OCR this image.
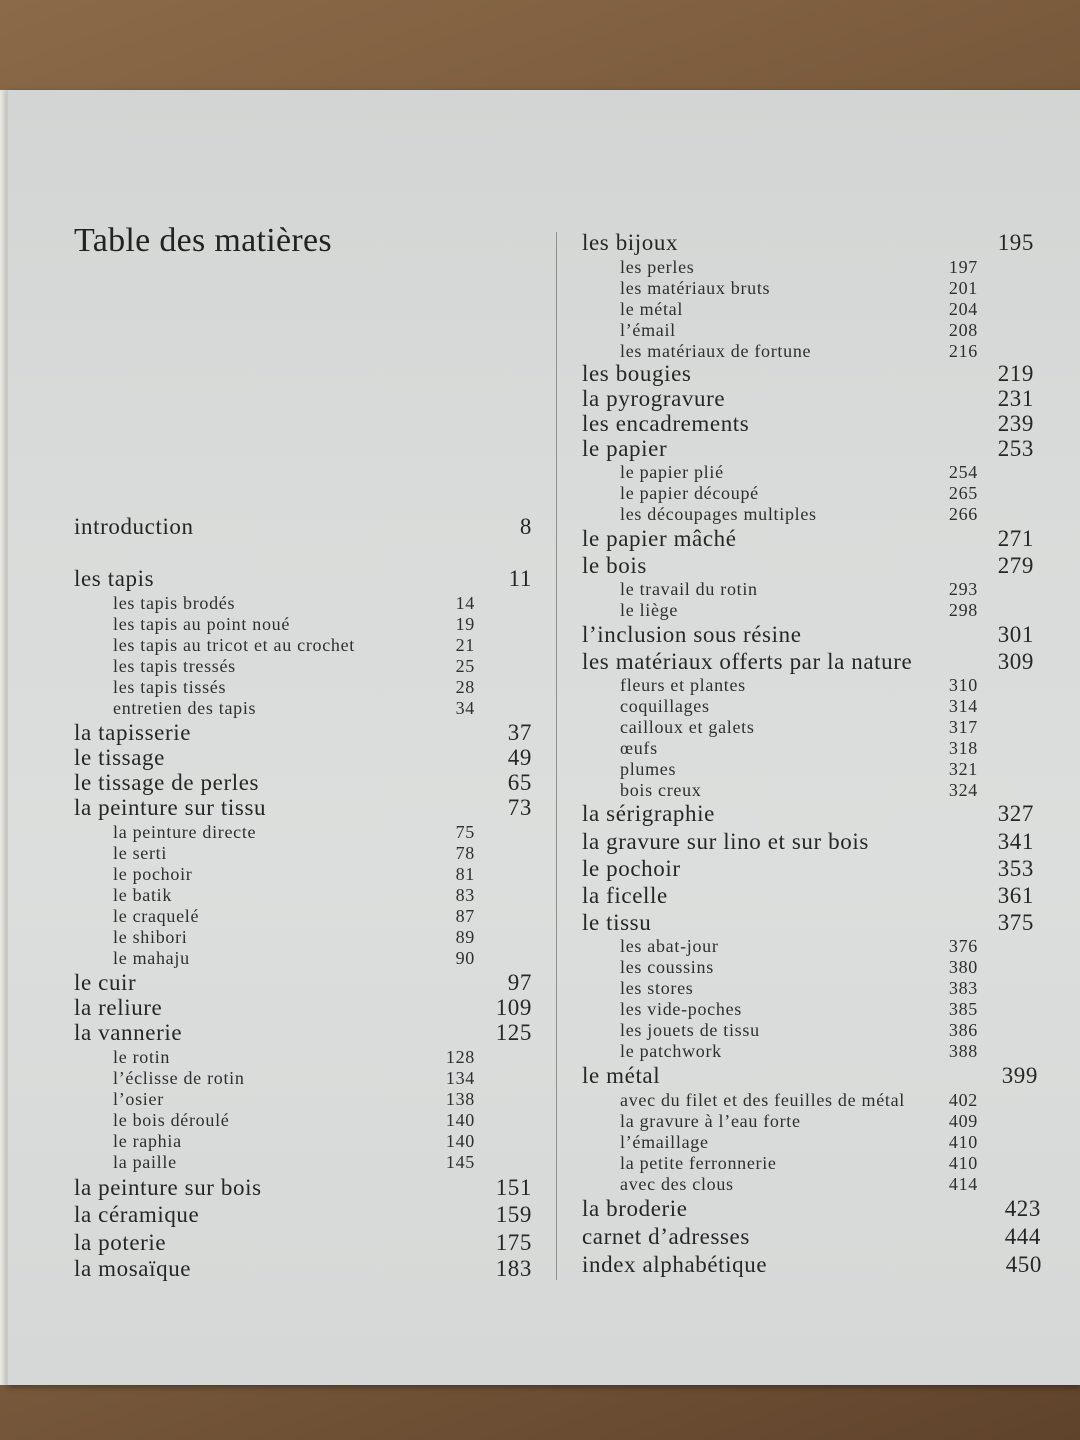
Table des matières
introduction	8
les tapis	11
les tapis brodés	14
les tapis au point noué	19
les tapis au tricot et au crochet	21
les tapis tressés	25
les tapis tissés	28
entretien des tapis	34
la tapisserie	37
le tissage	49
le tissage de perles	65
la peinture sur tissu	73
la peinture directe	75
le serti	78
le pochoir	81
le batik	83
le craquelé	87
le shibori	89
le mahaju	90
le cuir	97
la reliure	109
la vannerie	125
le rotin	128
l’éclisse de rotin	134
l’osier	138
le bois déroulé	140
le raphia	140
la paille	145
la peinture sur bois	151
la céramique	159
la poterie	175
la mosaïque	183
les bijoux	195
les perles	197
les matériaux bruts	201
le métal	204
l’émail	208
les matériaux de fortune	216
les bougies	219
la pyrogravure	231
les encadrements	239
le papier	253
le papier plié	254
le papier découpé	265
les découpages multiples	266
le papier mâché	271
le bois	279
le travail du rotin	293
le liège	298
l’inclusion sous résine	301
les matériaux offerts par la nature	309
fleurs et plantes	310
coquillages	314
cailloux et galets	317
œufs	318
plumes	321
bois creux	324
la sérigraphie	327
la gravure sur lino et sur bois	341
le pochoir	353
la ficelle	361
le tissu	375
les abat-jour	376
les coussins	380
les stores	383
les vide-poches	385
les jouets de tissu	386
le patchwork	388
le métal	399
avec du filet et des feuilles de métal 402
la gravure à l’eau forte	409
l’émaillage	410
la petite ferronnerie	410
avec des clous	414
la broderie	423
carnet d’adresses	444
index alphabétique	450
